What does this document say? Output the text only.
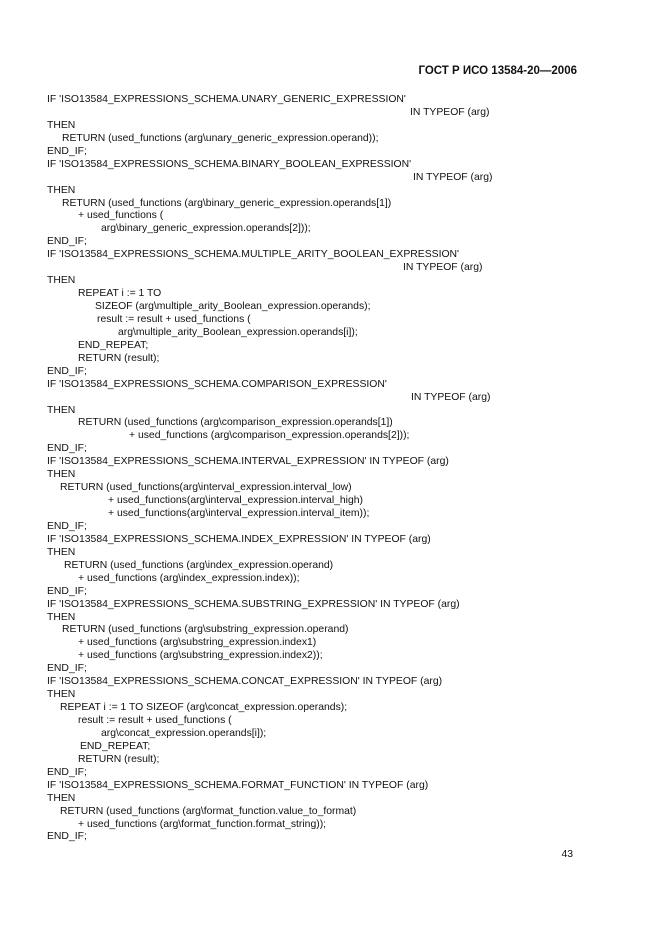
ГОСТ Р ИСО 13584-20—2006
IF 'ISO13584_EXPRESSIONS_SCHEMA.UNARY_GENERIC_EXPRESSION'
IN TYPEOF (arg)
THEN
RETURN (used_functions (arg\unary_generic_expression.operand));
END_IF;
IF 'ISO13584_EXPRESSIONS_SCHEMA.BINARY_BOOLEAN_EXPRESSION'
IN TYPEOF (arg)
THEN
RETURN (used_functions (arg\binary_generic_expression.operands[1])
+ used_functions (
arg\binary_generic_expression.operands[2]));
END_IF;
IF 'ISO13584_EXPRESSIONS_SCHEMA.MULTIPLE_ARITY_BOOLEAN_EXPRESSION'
IN TYPEOF (arg)
THEN
REPEAT i := 1 TO
SIZEOF (arg\multiple_arity_Boolean_expression.operands);
result := result + used_functions (
arg\multiple_arity_Boolean_expression.operands[i]);
END_REPEAT;
RETURN (result);
END_IF;
IF 'ISO13584_EXPRESSIONS_SCHEMA.COMPARISON_EXPRESSION'
IN TYPEOF (arg)
THEN
RETURN (used_functions (arg\comparison_expression.operands[1])
+ used_functions (arg\comparison_expression.operands[2]));
END_IF;
IF 'ISO13584_EXPRESSIONS_SCHEMA.INTERVAL_EXPRESSION' IN TYPEOF (arg)
THEN
RETURN (used_functions(arg\interval_expression.interval_low)
+ used_functions(arg\interval_expression.interval_high)
+ used_functions(arg\interval_expression.interval_item));
END_IF;
IF 'ISO13584_EXPRESSIONS_SCHEMA.INDEX_EXPRESSION' IN TYPEOF (arg)
THEN
RETURN (used_functions (arg\index_expression.operand)
+ used_functions (arg\index_expression.index));
END_IF;
IF 'ISO13584_EXPRESSIONS_SCHEMA.SUBSTRING_EXPRESSION' IN TYPEOF (arg)
THEN
RETURN (used_functions (arg\substring_expression.operand)
+ used_functions (arg\substring_expression.index1)
+ used_functions (arg\substring_expression.index2));
END_IF;
IF 'ISO13584_EXPRESSIONS_SCHEMA.CONCAT_EXPRESSION' IN TYPEOF (arg)
THEN
REPEAT i := 1 TO SIZEOF (arg\concat_expression.operands);
result := result + used_functions (
arg\concat_expression.operands[i]);
END_REPEAT;
RETURN (result);
END_IF;
IF 'ISO13584_EXPRESSIONS_SCHEMA.FORMAT_FUNCTION' IN TYPEOF (arg)
THEN
RETURN (used_functions (arg\format_function.value_to_format)
+ used_functions (arg\format_function.format_string));
END_IF;
43
